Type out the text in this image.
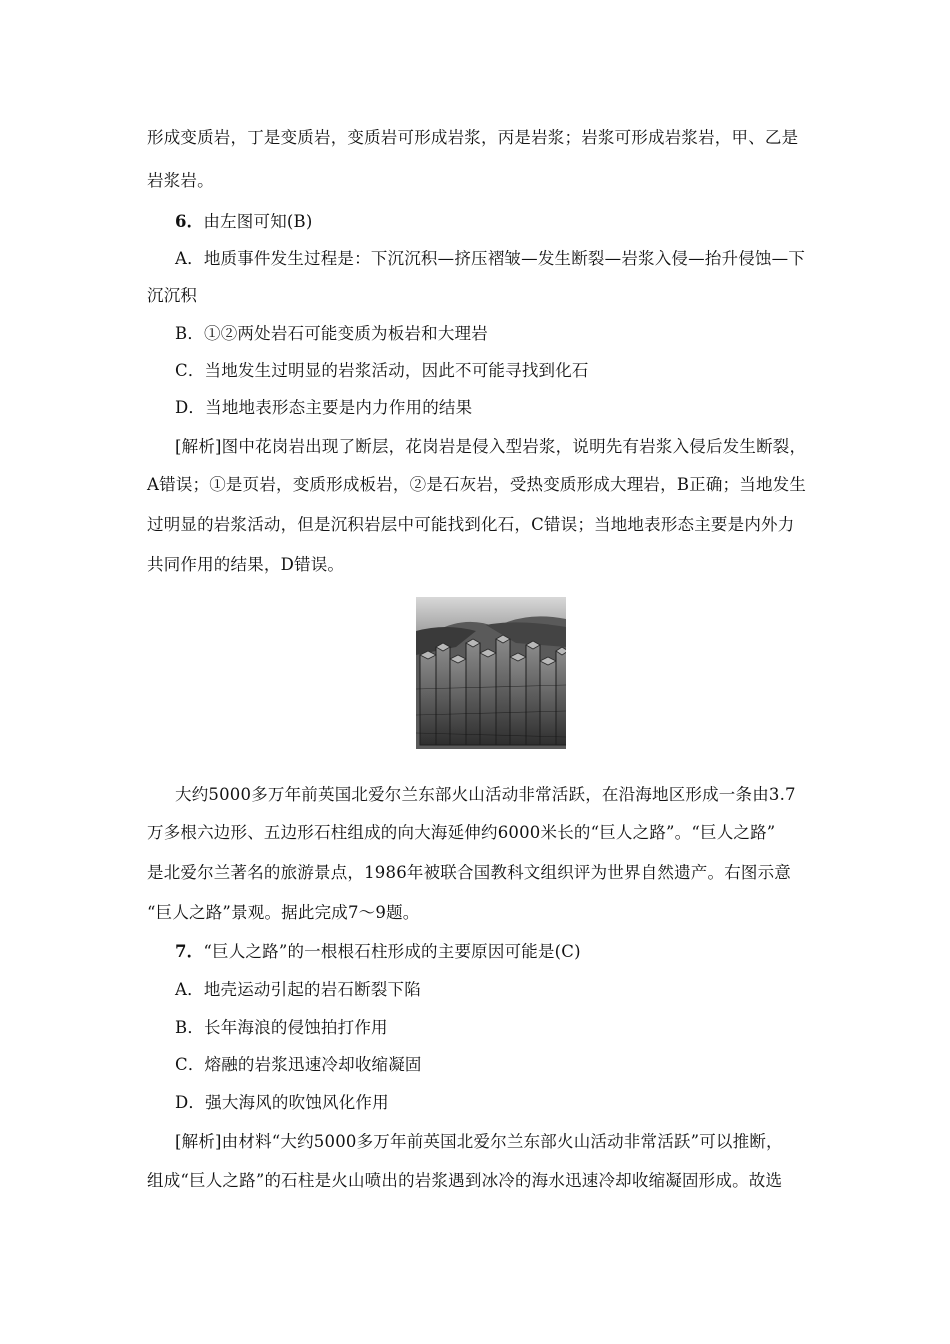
形成变质岩，丁是变质岩，变质岩可形成岩浆，丙是岩浆；岩浆可形成岩浆岩，甲、乙是
岩浆岩。
6．由左图可知(B)
A．地质事件发生过程是：下沉沉积—挤压褶皱—发生断裂—岩浆入侵—抬升侵蚀—下
沉沉积
B．①②两处岩石可能变质为板岩和大理岩
C．当地发生过明显的岩浆活动，因此不可能寻找到化石
D．当地地表形态主要是内力作用的结果
[解析]图中花岗岩出现了断层，花岗岩是侵入型岩浆，说明先有岩浆入侵后发生断裂，
A错误；①是页岩，变质形成板岩，②是石灰岩，受热变质形成大理岩，B正确；当地发生
过明显的岩浆活动，但是沉积岩层中可能找到化石，C错误；当地地表形态主要是内外力
共同作用的结果，D错误。
大约5000多万年前英国北爱尔兰东部火山活动非常活跃，在沿海地区形成一条由3.7
万多根六边形、五边形石柱组成的向大海延伸约6000米长的“巨人之路”。“巨人之路”
是北爱尔兰著名的旅游景点，1986年被联合国教科文组织评为世界自然遗产。右图示意
“巨人之路”景观。据此完成7～9题。
7．“巨人之路”的一根根石柱形成的主要原因可能是(C)
A．地壳运动引起的岩石断裂下陷
B．长年海浪的侵蚀拍打作用
C．熔融的岩浆迅速冷却收缩凝固
D．强大海风的吹蚀风化作用
[解析]由材料“大约5000多万年前英国北爱尔兰东部火山活动非常活跃”可以推断，
组成“巨人之路”的石柱是火山喷出的岩浆遇到冰冷的海水迅速冷却收缩凝固形成。故选
